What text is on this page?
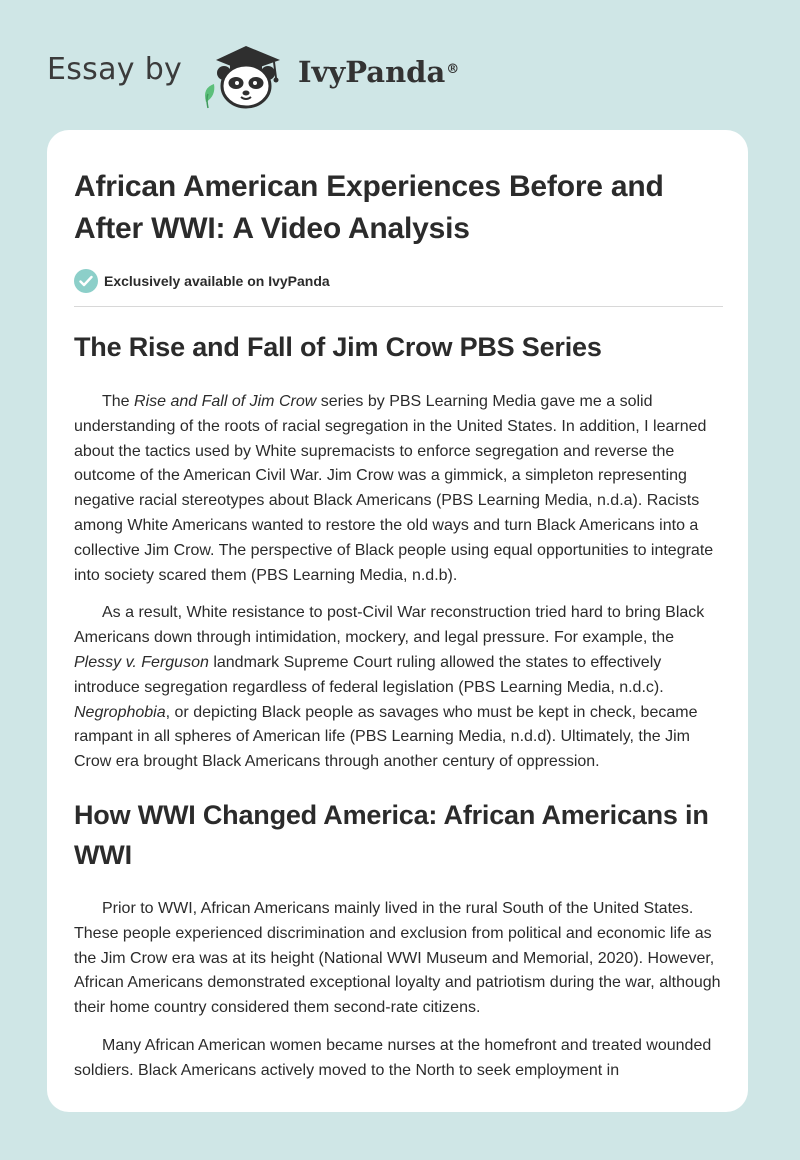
Essay by	IvyPanda®
African American Experiences Before and After WWI: A Video Analysis
Exclusively available on IvyPanda
The Rise and Fall of Jim Crow PBS Series

The Rise and Fall of Jim Crow series by PBS Learning Media gave me a solid understanding of the roots of racial segregation in the United States. In addition, I learned about the tactics used by White supremacists to enforce segregation and reverse the outcome of the American Civil War. Jim Crow was a gimmick, a simpleton representing negative racial stereotypes about Black Americans (PBS Learning Media, n.d.a). Racists among White Americans wanted to restore the old ways and turn Black Americans into a collective Jim Crow. The perspective of Black people using equal opportunities to integrate into society scared them (PBS Learning Media, n.d.b).

As a result, White resistance to post-Civil War reconstruction tried hard to bring Black Americans down through intimidation, mockery, and legal pressure. For example, the Plessy v. Ferguson landmark Supreme Court ruling allowed the states to effectively introduce segregation regardless of federal legislation (PBS Learning Media, n.d.c). Negrophobia, or depicting Black people as savages who must be kept in check, became rampant in all spheres of American life (PBS Learning Media, n.d.d). Ultimately, the Jim Crow era brought Black Americans through another century of oppression.

How WWI Changed America: African Americans in WWI

Prior to WWI, African Americans mainly lived in the rural South of the United States. These people experienced discrimination and exclusion from political and economic life as the Jim Crow era was at its height (National WWI Museum and Memorial, 2020). However, African Americans demonstrated exceptional loyalty and patriotism during the war, although their home country considered them second-rate citizens.

Many African American women became nurses at the homefront and treated wounded soldiers. Black Americans actively moved to the North to seek employment in
